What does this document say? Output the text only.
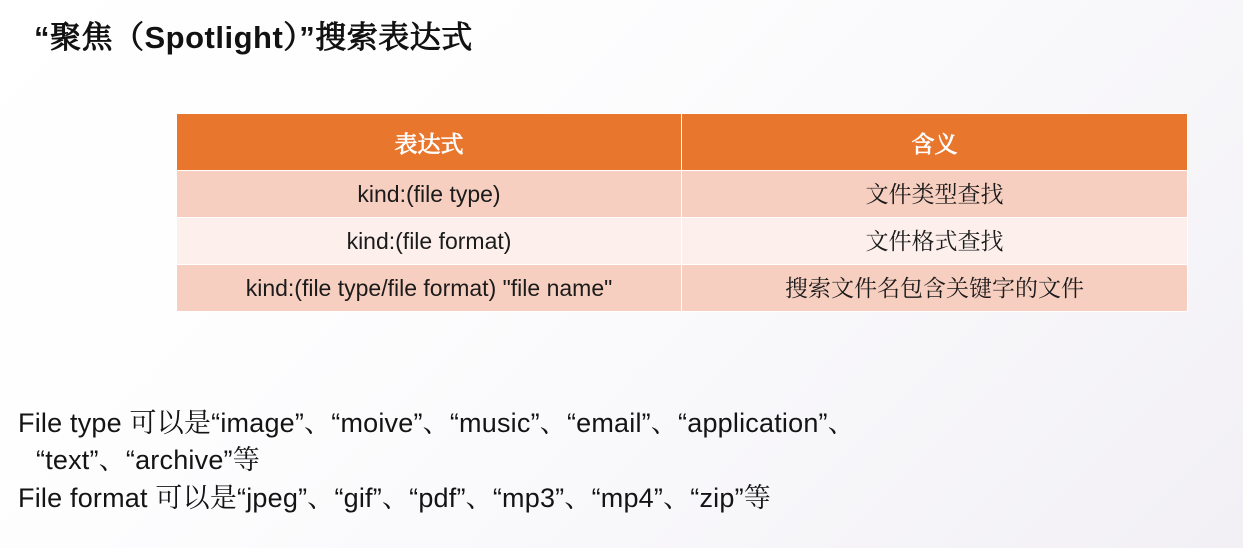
“聚焦（Spotlight）”搜索表达式
表达式	含义
kind:(file type)	文件类型查找
kind:(file format)	文件格式查找
kind:(file type/file format) "file name"	搜索文件名包含关键字的文件
File type 可以是“image”、“moive”、“music”、“email”、“application”、
“text”、“archive”等
File format 可以是“jpeg”、“gif”、“pdf”、“mp3”、“mp4”、“zip”等
